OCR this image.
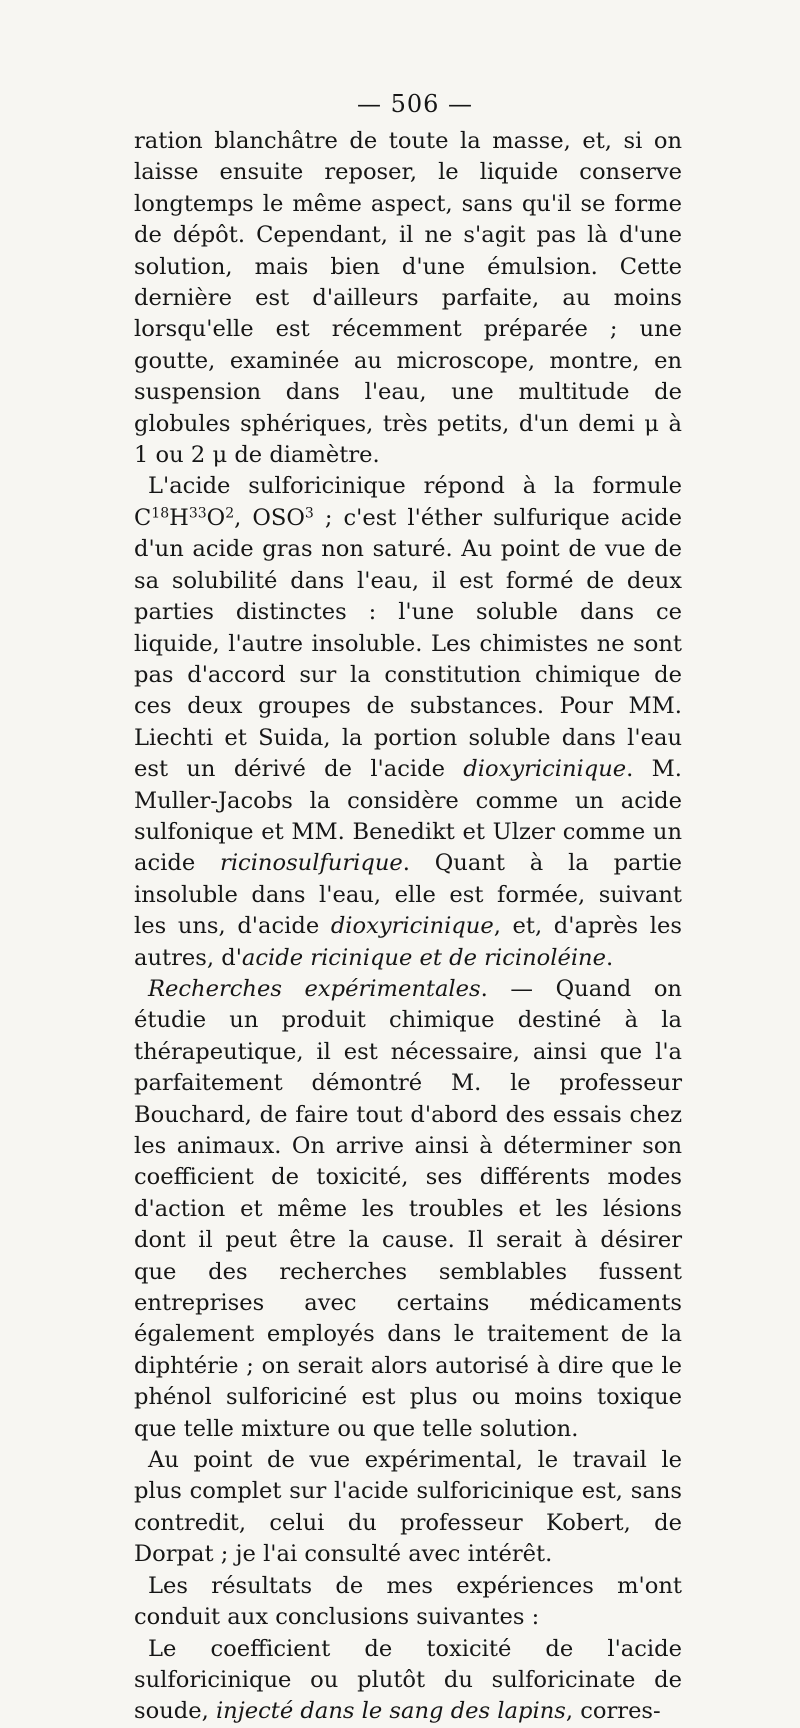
— 506 —

ration blanchâtre de toute la masse, et, si on laisse ensuite reposer, le liquide conserve longtemps le même aspect, sans qu'il se forme de dépôt. Cependant, il ne s'agit pas là d'une solution, mais bien d'une émulsion. Cette dernière est d'ailleurs parfaite, au moins lorsqu'elle est récemment préparée ; une goutte, examinée au microscope, montre, en suspension dans l'eau, une multitude de globules sphériques, très petits, d'un demi μ à 1 ou 2 μ de diamètre.

L'acide sulforicinique répond à la formule $C^{18}H^{33}O^2$, OSO$^3$ ; c'est l'éther sulfurique acide d'un acide gras non saturé. Au point de vue de sa solubilité dans l'eau, il est formé de deux parties distinctes : l'une soluble dans ce liquide, l'autre insoluble. Les chimistes ne sont pas d'accord sur la constitution chimique de ces deux groupes de substances. Pour MM. Liechti et Suida, la portion soluble dans l'eau est un dérivé de l'acide dioxyricinique. M. Muller-Jacobs la considère comme un acide sulfonique et MM. Benedikt et Ulzer comme un acide ricinosulfurique. Quant à la partie insoluble dans l'eau, elle est formée, suivant les uns, d'acide dioxyricinique, et, d'après les autres, d'acide ricinique et de ricinoléine.

Recherches expérimentales. — Quand on étudie un produit chimique destiné à la thérapeutique, il est nécessaire, ainsi que l'a parfaitement démontré M. le professeur Bouchard, de faire tout d'abord des essais chez les animaux. On arrive ainsi à déterminer son coefficient de toxicité, ses différents modes d'action et même les troubles et les lésions dont il peut être la cause. Il serait à désirer que des recherches semblables fussent entreprises avec certains médicaments également employés dans le traitement de la diphtérie ; on serait alors autorisé à dire que le phénol sulforiciné est plus ou moins toxique que telle mixture ou que telle solution.

Au point de vue expérimental, le travail le plus complet sur l'acide sulforicinique est, sans contredit, celui du professeur Kobert, de Dorpat ; je l'ai consulté avec intérêt.

Les résultats de mes expériences m'ont conduit aux conclusions suivantes :

Le coefficient de toxicité de l'acide sulforicinique ou plutôt du sulforicinate de soude, injecté dans le sang des lapins, corres-
